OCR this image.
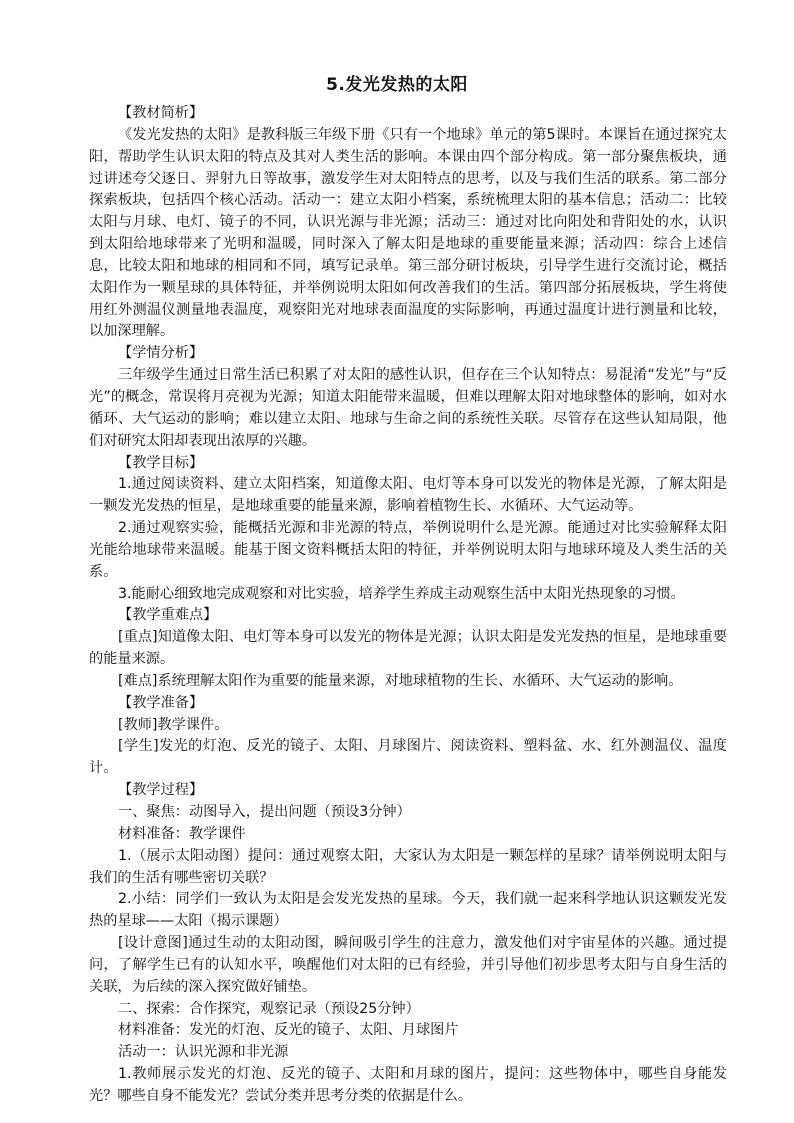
5.发光发热的太阳

【教材简析】

《发光发热的太阳》是教科版三年级下册《只有一个地球》单元的第5课时。本课旨在通过探究太阳，帮助学生认识太阳的特点及其对人类生活的影响。本课由四个部分构成。第一部分聚焦板块，通过讲述夸父逐日、羿射九日等故事，激发学生对太阳特点的思考，以及与我们生活的联系。第二部分探索板块，包括四个核心活动。活动一：建立太阳小档案，系统梳理太阳的基本信息；活动二：比较太阳与月球、电灯、镜子的不同，认识光源与非光源；活动三：通过对比向阳处和背阳处的水，认识到太阳给地球带来了光明和温暖，同时深入了解太阳是地球的重要能量来源；活动四：综合上述信息，比较太阳和地球的相同和不同，填写记录单。第三部分研讨板块，引导学生进行交流讨论，概括太阳作为一颗星球的具体特征，并举例说明太阳如何改善我们的生活。第四部分拓展板块，学生将使用红外测温仪测量地表温度，观察阳光对地球表面温度的实际影响，再通过温度计进行测量和比较，以加深理解。

【学情分析】

三年级学生通过日常生活已积累了对太阳的感性认识，但存在三个认知特点：易混淆“发光”与“反光”的概念，常误将月亮视为光源；知道太阳能带来温暖，但难以理解太阳对地球整体的影响，如对水循环、大气运动的影响；难以建立太阳、地球与生命之间的系统性关联。尽管存在这些认知局限，他们对研究太阳却表现出浓厚的兴趣。

【教学目标】

1.通过阅读资料、建立太阳档案，知道像太阳、电灯等本身可以发光的物体是光源，了解太阳是一颗发光发热的恒星，是地球重要的能量来源，影响着植物生长、水循环、大气运动等。

2.通过观察实验，能概括光源和非光源的特点，举例说明什么是光源。能通过对比实验解释太阳光能给地球带来温暖。能基于图文资料概括太阳的特征，并举例说明太阳与地球环境及人类生活的关系。

3.能耐心细致地完成观察和对比实验，培养学生养成主动观察生活中太阳光热现象的习惯。

【教学重难点】

[重点]知道像太阳、电灯等本身可以发光的物体是光源；认识太阳是发光发热的恒星，是地球重要的能量来源。

[难点]系统理解太阳作为重要的能量来源，对地球植物的生长、水循环、大气运动的影响。

【教学准备】

[教师]教学课件。

[学生]发光的灯泡、反光的镜子、太阳、月球图片、阅读资料、塑料盆、水、红外测温仪、温度计。

【教学过程】

一、聚焦：动图导入，提出问题（预设3分钟）

材料准备：教学课件

1.（展示太阳动图）提问：通过观察太阳，大家认为太阳是一颗怎样的星球？请举例说明太阳与我们的生活有哪些密切关联？

2.小结：同学们一致认为太阳是会发光发热的星球。今天，我们就一起来科学地认识这颗发光发热的星球——太阳（揭示课题）

[设计意图]通过生动的太阳动图，瞬间吸引学生的注意力，激发他们对宇宙星体的兴趣。通过提问，了解学生已有的认知水平，唤醒他们对太阳的已有经验，并引导他们初步思考太阳与自身生活的关联，为后续的深入探究做好铺垫。

二、探索：合作探究，观察记录（预设25分钟）

材料准备：发光的灯泡、反光的镜子、太阳、月球图片

活动一：认识光源和非光源

1.教师展示发光的灯泡、反光的镜子、太阳和月球的图片，提问：这些物体中，哪些自身能发光？哪些自身不能发光？尝试分类并思考分类的依据是什么。
